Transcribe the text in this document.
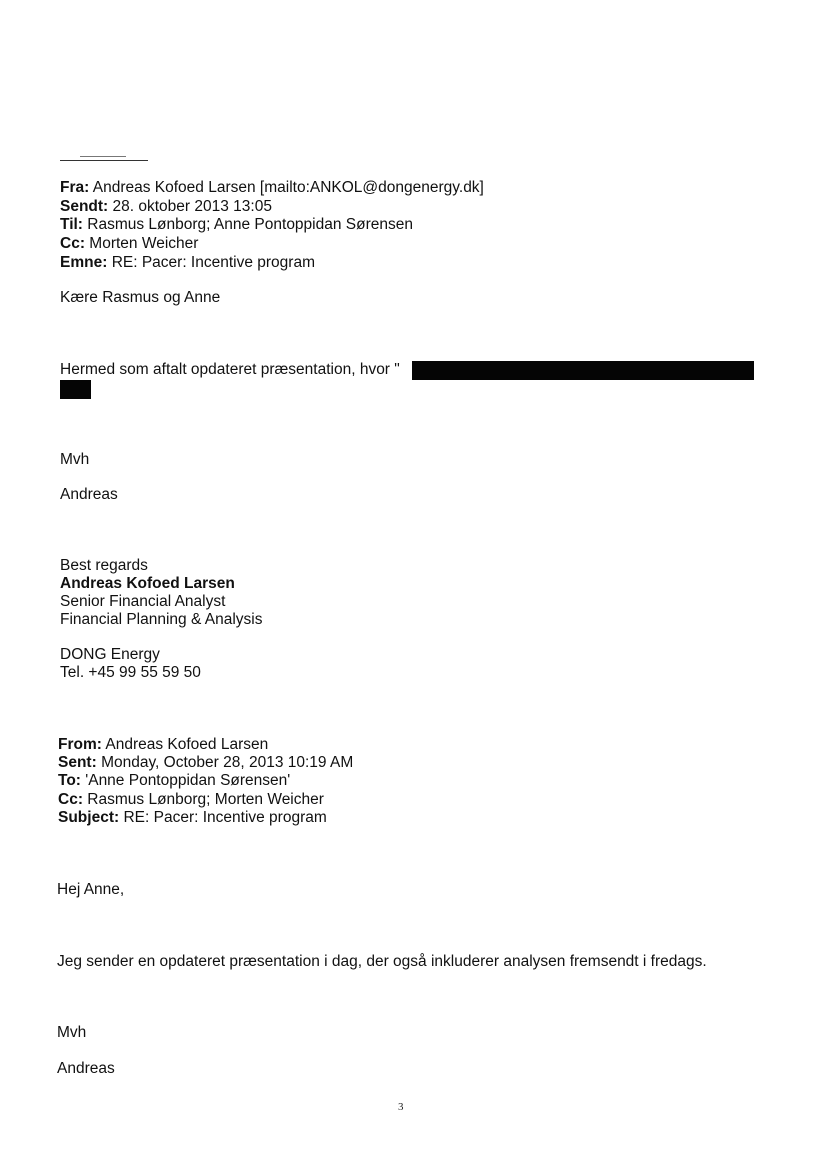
Fra: Andreas Kofoed Larsen [mailto:ANKOL@dongenergy.dk]
Sendt: 28. oktober 2013 13:05
Til: Rasmus Lønborg; Anne Pontoppidan Sørensen
Cc: Morten Weicher
Emne: RE: Pacer: Incentive program
Kære Rasmus og Anne
Hermed som aftalt opdateret præsentation, hvor "
Mvh
Andreas
Best regards
Andreas Kofoed Larsen
Senior Financial Analyst
Financial Planning & Analysis
DONG Energy
Tel. +45 99 55 59 50
From: Andreas Kofoed Larsen
Sent: Monday, October 28, 2013 10:19 AM
To: 'Anne Pontoppidan Sørensen'
Cc: Rasmus Lønborg; Morten Weicher
Subject: RE: Pacer: Incentive program
Hej Anne,
Jeg sender en opdateret præsentation i dag, der også inkluderer analysen fremsendt i fredags.
Mvh
Andreas
3
